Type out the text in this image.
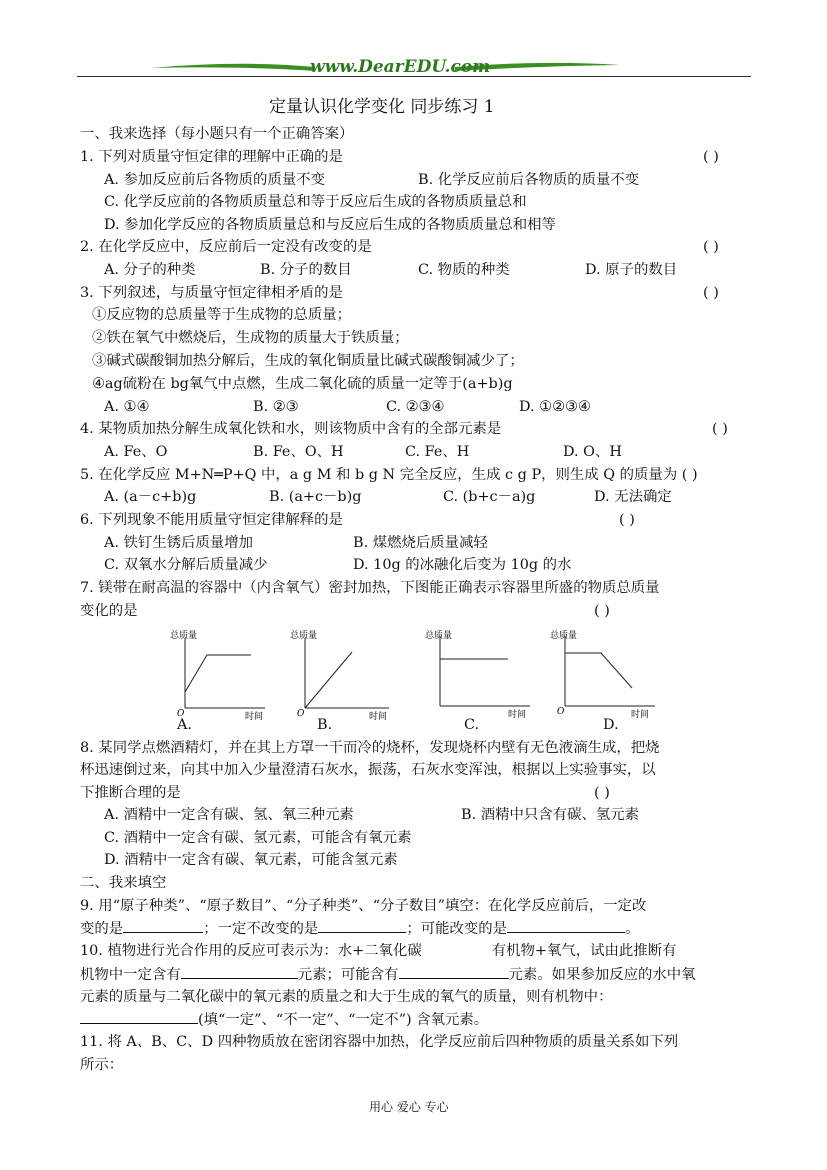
www.DearEDU.com
定量认识化学变化 同步练习 1
一、我来选择（每小题只有一个正确答案）
1. 下列对质量守恒定律的理解中正确的是	( )
A. 参加反应前后各物质的质量不变	B. 化学反应前后各物质的质量不变
C. 化学反应前的各物质质量总和等于反应后生成的各物质质量总和
D. 参加化学反应的各物质质量总和与反应后生成的各物质质量总和相等
2. 在化学反应中，反应前后一定没有改变的是	( )
A. 分子的种类	B. 分子的数目	C. 物质的种类	D. 原子的数目
3. 下列叙述，与质量守恒定律相矛盾的是	( )
①反应物的总质量等于生成物的总质量；
②铁在氧气中燃烧后，生成物的质量大于铁质量；
③碱式碳酸铜加热分解后，生成的氧化铜质量比碱式碳酸铜减少了；
④ag硫粉在 bg氧气中点燃，生成二氧化硫的质量一定等于(a+b)g
A. ①④	B. ②③	C. ②③④	D. ①②③④
4. 某物质加热分解生成氧化铁和水，则该物质中含有的全部元素是	( )
A. Fe、O	B. Fe、O、H	C. Fe、H	D. O、H
5. 在化学反应 M+N═P+Q 中，a g M 和 b g N 完全反应，生成 c g P，则生成 Q 的质量为 ( )
A. (a－c+b)g	B. (a+c－b)g	C. (b+c－a)g	D. 无法确定
6. 下列现象不能用质量守恒定律解释的是	( )
A. 铁钉生锈后质量增加	B. 煤燃烧后质量减轻
C. 双氧水分解后质量减少	D. 10g 的冰融化后变为 10g 的水
7. 镁带在耐高温的容器中（内含氧气）密封加热，下图能正确表示容器里所盛的物质总质量
变化的是	( )
总质量
O	时间
A.
总质量
O	时间
B.
总质量
时间
C.
总质量
O	时间
D.
8. 某同学点燃酒精灯，并在其上方罩一干而冷的烧杯，发现烧杯内壁有无色液滴生成，把烧
杯迅速倒过来，向其中加入少量澄清石灰水，振荡，石灰水变浑浊，根据以上实验事实，以
下推断合理的是	( )
A. 酒精中一定含有碳、氢、氧三种元素	B. 酒精中只含有碳、氢元素
C. 酒精中一定含有碳、氢元素，可能含有氧元素
D. 酒精中一定含有碳、氧元素，可能含氢元素
二、我来填空
9. 用“原子种类”、“原子数目”、“分子种类”、“分子数目”填空：在化学反应前后，一定改
变的是	；一定不改变的是	；可能改变的是	。
10. 植物进行光合作用的反应可表示为：水+二氧化碳	有机物+氧气，试由此推断有
机物中一定含有	元素；可能含有	元素。如果参加反应的水中氧
元素的质量与二氧化碳中的氧元素的质量之和大于生成的氧气的质量，则有机物中：
(填“一定”、“不一定”、“一定不”) 含氧元素。
11. 将 A、B、C、D 四种物质放在密闭容器中加热，化学反应前后四种物质的质量关系如下列
所示：
用心 爱心 专心
